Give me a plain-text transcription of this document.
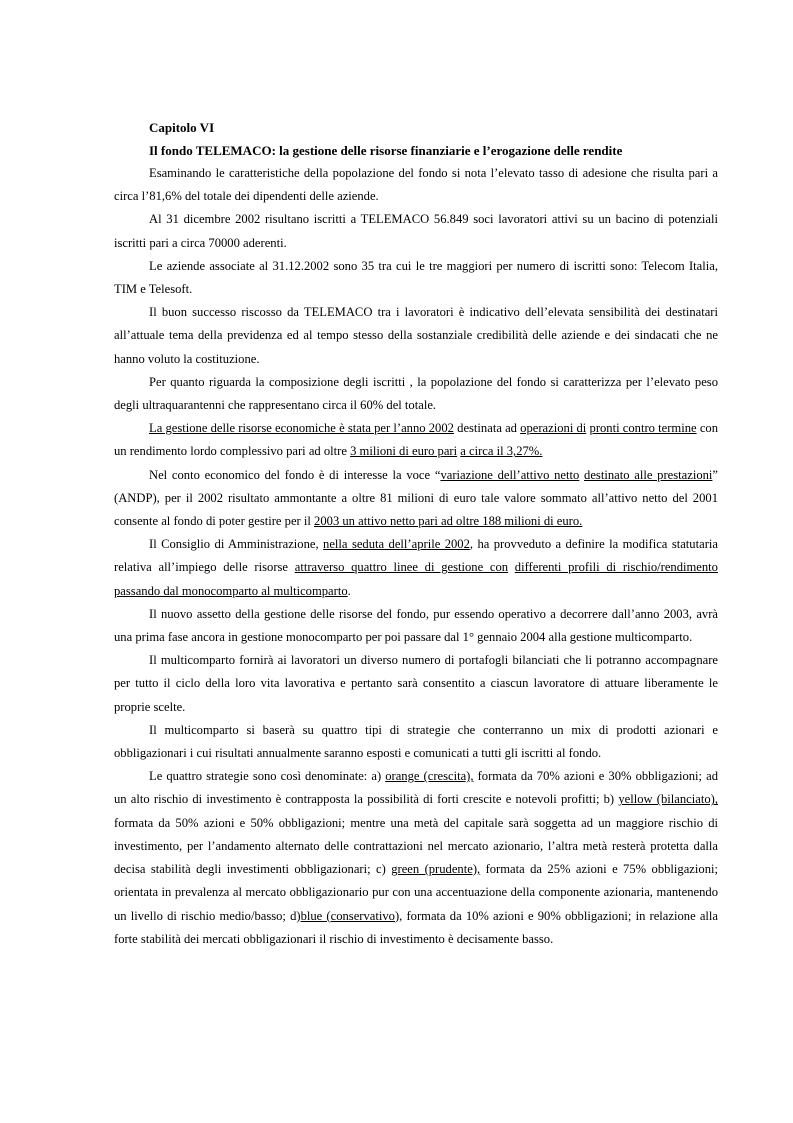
Capitolo VI

Il fondo TELEMACO: la gestione delle risorse finanziarie e l’erogazione delle rendite

Esaminando le caratteristiche della popolazione del fondo si nota l’elevato tasso di adesione che risulta pari a circa l’81,6% del totale dei dipendenti delle aziende.

Al 31 dicembre 2002 risultano iscritti a TELEMACO 56.849 soci lavoratori attivi su un bacino di potenziali iscritti pari a circa 70000 aderenti.

Le aziende associate al 31.12.2002 sono 35 tra cui le tre maggiori per numero di iscritti sono: Telecom Italia, TIM e Telesoft.

Il buon successo riscosso da TELEMACO tra i lavoratori è indicativo dell’elevata sensibilità dei destinatari all’attuale tema della previdenza ed al tempo stesso della sostanziale credibilità delle aziende e dei sindacati che ne hanno voluto la costituzione.

Per quanto riguarda la composizione degli iscritti , la popolazione del fondo si caratterizza per l’elevato peso degli ultraquarantenni che rappresentano circa il 60% del totale.

La gestione delle risorse economiche è stata per l’anno 2002 destinata ad operazioni di pronti contro termine con un rendimento lordo complessivo pari ad oltre 3 milioni di euro pari a circa il 3,27%.

Nel conto economico del fondo è di interesse la voce “variazione dell’attivo netto destinato alle prestazioni” (ANDP), per il 2002 risultato ammontante a oltre 81 milioni di euro tale valore sommato all’attivo netto del 2001 consente al fondo di poter gestire per il 2003 un attivo netto pari ad oltre 188 milioni di euro.

Il Consiglio di Amministrazione, nella seduta dell’aprile 2002, ha provveduto a definire la modifica statutaria relativa all’impiego delle risorse attraverso quattro linee di gestione con differenti profili di rischio/rendimento passando dal monocomparto al multicomparto.

Il nuovo assetto della gestione delle risorse del fondo, pur essendo operativo a decorrere dall’anno 2003, avrà una prima fase ancora in gestione monocomparto per poi passare dal 1° gennaio 2004 alla gestione multicomparto.

Il multicomparto fornirà ai lavoratori un diverso numero di portafogli bilanciati che li potranno accompagnare per tutto il ciclo della loro vita lavorativa e pertanto sarà consentito a ciascun lavoratore di attuare liberamente le proprie scelte.

Il multicomparto si baserà su quattro tipi di strategie che conterranno un mix di prodotti azionari e obbligazionari i cui risultati annualmente saranno esposti e comunicati a tutti gli iscritti al fondo.

Le quattro strategie sono così denominate: a) orange (crescita), formata da 70% azioni e 30% obbligazioni; ad un alto rischio di investimento è contrapposta la possibilità di forti crescite e notevoli profitti; b) yellow (bilanciato), formata da 50% azioni e 50% obbligazioni; mentre una metà del capitale sarà soggetta ad un maggiore rischio di investimento, per l’andamento alternato delle contrattazioni nel mercato azionario, l’altra metà resterà protetta dalla decisa stabilità degli investimenti obbligazionari; c) green (prudente), formata da 25% azioni e 75% obbligazioni; orientata in prevalenza al mercato obbligazionario pur con una accentuazione della componente azionaria, mantenendo un livello di rischio medio/basso; d)blue (conservativo), formata da 10% azioni e 90% obbligazioni; in relazione alla forte stabilità dei mercati obbligazionari il rischio di investimento è decisamente basso.
